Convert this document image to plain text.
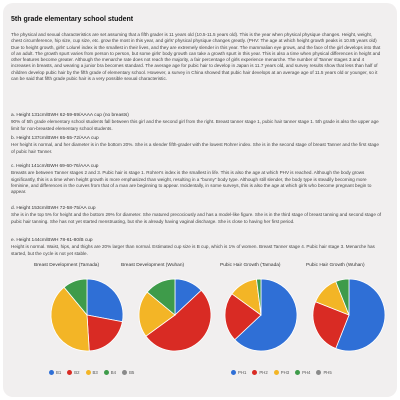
5th grade elementary school student

The physical and sexual characteristics are set assuming that a fifth grader is 11 years old (10.5-11.5 years old). This is the year when physical physique changes. Height, weight, chest circumference, hip size, cup size, etc. grow the most in this year, and girls' physical physique changes greatly. (PHV: The age at which height growth peaks is 10.85 years old) Due to height growth, girls' Lolurel index is the smallest in their lives, and they are extremely slender in this year. The mammalian eye grows, and the face of the girl develops into that of an adult. The growth spurt varies from person to person, but some girls' body growth can take a growth spurt in this year. This is also a time when physical differences in height and other features become greater. Although the menarche rate does not reach the majority, a fair percentage of girls experience menarche. The number of Tanner stages 3 and 4 increases in breasts, and wearing a junior bra becomes standard. The average age for pubic hair to develop in Japan is 11.7 years old, and survey results show that less than half of children develop pubic hair by the fifth grade of elementary school. However, a survey in China showed that pubic hair develops at an average age of 11.5 years old or younger, so it can be said that fifth grade pubic hair is a very possible sexual characteristic.

a. Height 131cm/BWH 62-59-69/AAAA cup (no breasts)

90% of 5th grade elementary school students fall between this girl and the second girl from the right. Breast tanner stage 1, pubic hair tanner stage 1. 5th grade is also the upper age limit for non-breasted elementary school students.

b. Height 137cm/BWH 65-55-72/AAA cup

Her height is normal, and her diameter is in the bottom 20%. She is a slender fifth-grader with the lowest Rohrer index. She is in the second stage of breast Tanner and the first stage of pubic hair Tanner.

c. Height 141cm/BWH 69-60-76/AAA cup

Breasts are between Tanner stages 2 and 3. Pubic hair is stage 1. Rohrer's index is the smallest in life. This is also the age at which PHV is reached. Although the body grows significantly, this is a time when height growth is more emphasized than weight, resulting in a "bunny" body type. Although still slender, the body type is steadily becoming more feminine, and differences in the curves from that of a man are beginning to appear. Incidentally, in some surveys, this is also the age at which girls who become pregnant begin to appear.

d. Height 153cm/BWH 72-58-75/AA cup

She is in the top 5% for height and the bottom 29% for diameter. She matured precociously and has a model-like figure. She is in the third stage of breast tanning and second stage of pubic hair tanning. She has not yet started menstruating, but she is already having vaginal discharge. She is close to having her first period.

e. Height 144cm/BWH 78-61-80/B cup

Height is normal. Waist, hips, and thighs are 20% larger than normal. Estimated cup size is B cup, which is 1% of women. Breast Tanner stage 4. Pubic hair stage 3. Menarche has started, but the cycle is not yet stable.

Breast Development (Tamada)	Breast Development (Wuhan)	Pubic Hair Growth (Tamada)	Pubic Hair Growth (Wuhan)
B1	B2	B3	B4	B5	PH1	PH2	PH3	PH4	PH5
